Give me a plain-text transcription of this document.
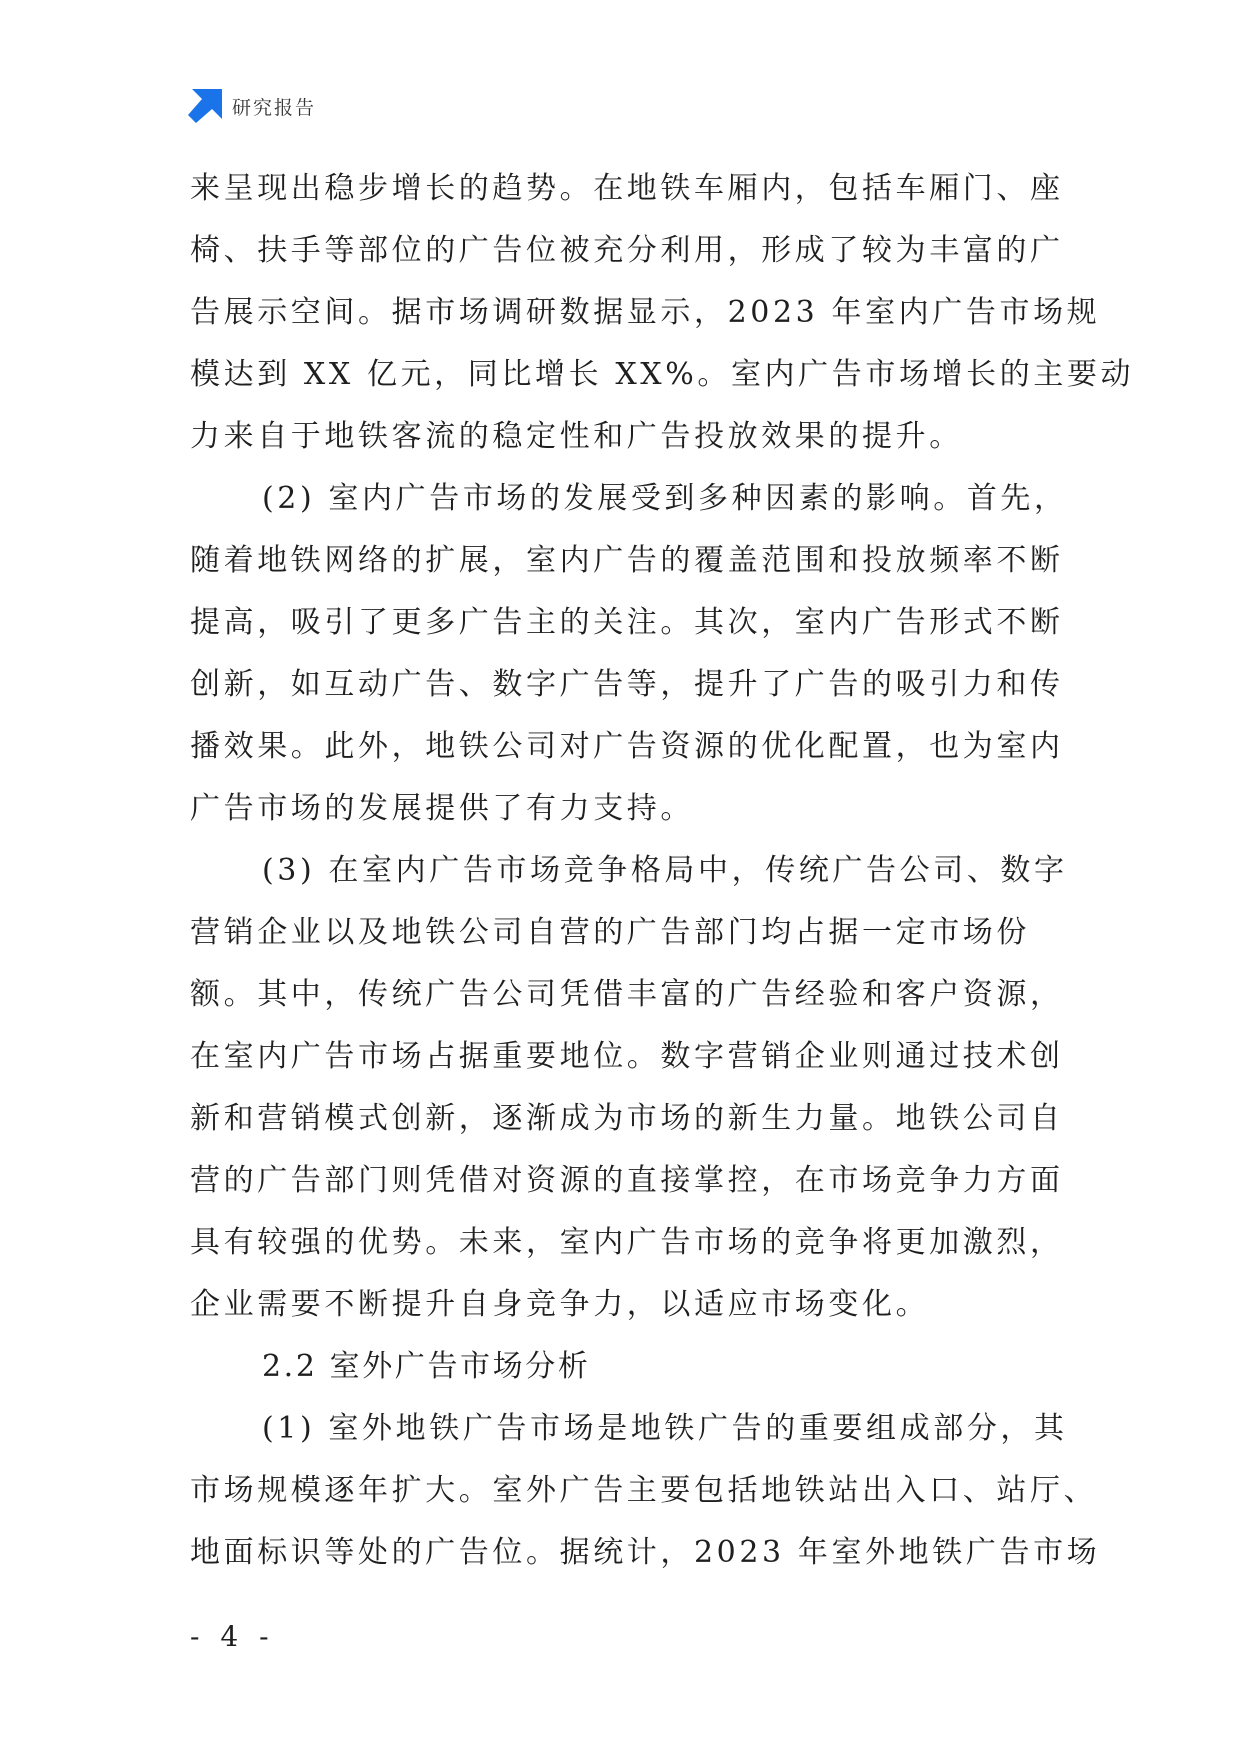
研究报告
来呈现出稳步增长的趋势。在地铁车厢内，包括车厢门、座
椅、扶手等部位的广告位被充分利用，形成了较为丰富的广
告展示空间。据市场调研数据显示，2023 年室内广告市场规
模达到 XX 亿元，同比增长 XX%。室内广告市场增长的主要动
力来自于地铁客流的稳定性和广告投放效果的提升。
(2) 室内广告市场的发展受到多种因素的影响。首先，
随着地铁网络的扩展，室内广告的覆盖范围和投放频率不断
提高，吸引了更多广告主的关注。其次，室内广告形式不断
创新，如互动广告、数字广告等，提升了广告的吸引力和传
播效果。此外，地铁公司对广告资源的优化配置，也为室内
广告市场的发展提供了有力支持。
(3) 在室内广告市场竞争格局中，传统广告公司、数字
营销企业以及地铁公司自营的广告部门均占据一定市场份
额。其中，传统广告公司凭借丰富的广告经验和客户资源，
在室内广告市场占据重要地位。数字营销企业则通过技术创
新和营销模式创新，逐渐成为市场的新生力量。地铁公司自
营的广告部门则凭借对资源的直接掌控，在市场竞争力方面
具有较强的优势。未来，室内广告市场的竞争将更加激烈，
企业需要不断提升自身竞争力，以适应市场变化。
2.2 室外广告市场分析
(1) 室外地铁广告市场是地铁广告的重要组成部分，其
市场规模逐年扩大。室外广告主要包括地铁站出入口、站厅、
地面标识等处的广告位。据统计，2023 年室外地铁广告市场
- 4 -
